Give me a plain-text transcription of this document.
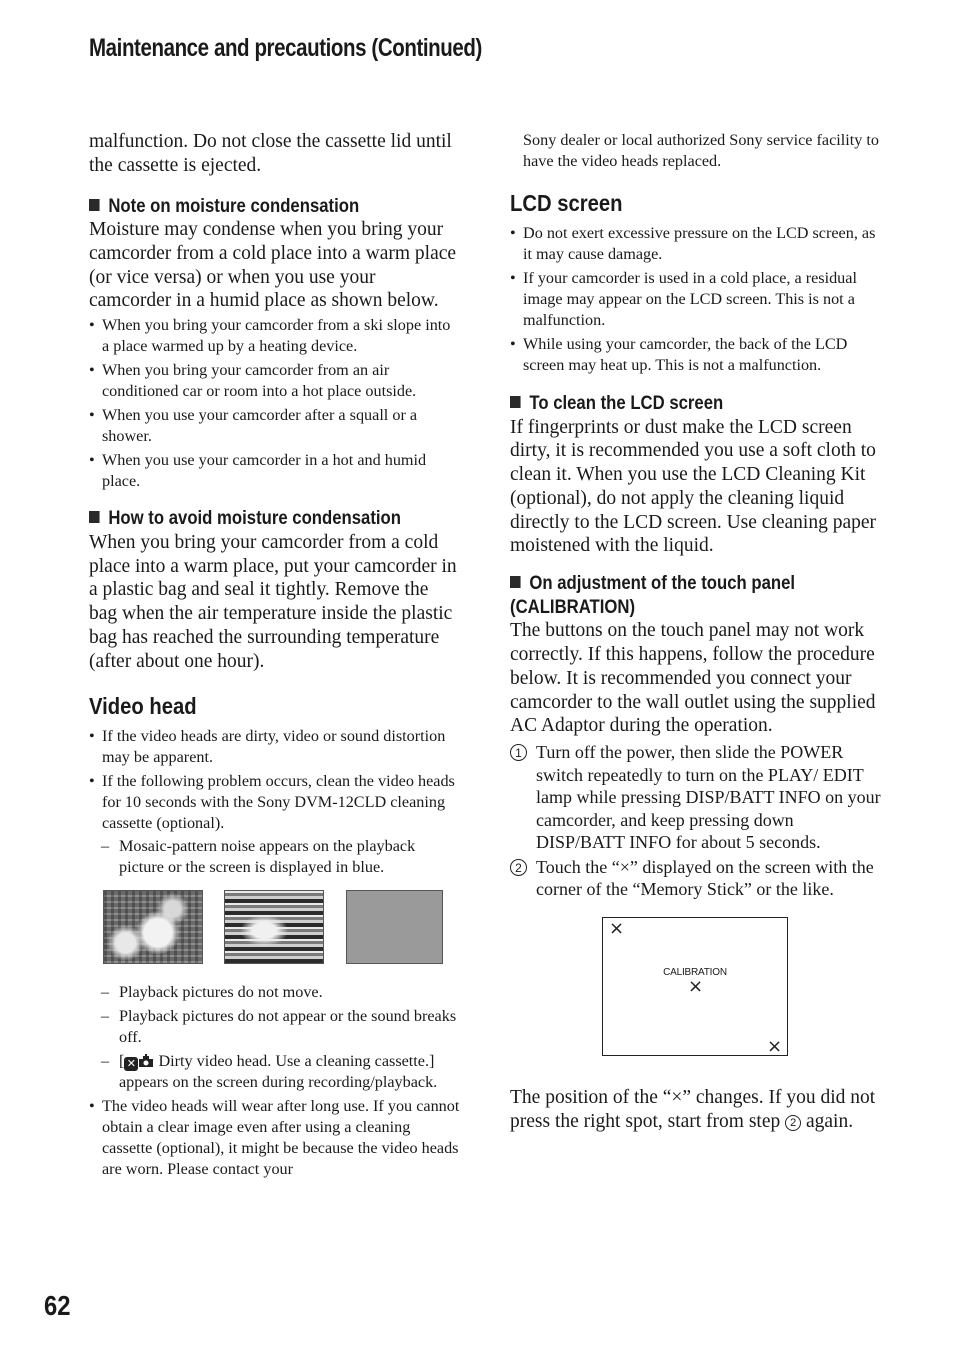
Maintenance and precautions (Continued)

malfunction. Do not close the cassette lid until the cassette is ejected.

Note on moisture condensation

Moisture may condense when you bring your camcorder from a cold place into a warm place (or vice versa) or when you use your camcorder in a humid place as shown below.

• When you bring your camcorder from a ski slope into a place warmed up by a heating device.
• When you bring your camcorder from an air conditioned car or room into a hot place outside.
• When you use your camcorder after a squall or a shower.
• When you use your camcorder in a hot and humid place.

How to avoid moisture condensation

When you bring your camcorder from a cold place into a warm place, put your camcorder in a plastic bag and seal it tightly. Remove the bag when the air temperature inside the plastic bag has reached the surrounding temperature (after about one hour).

Video head

• If the video heads are dirty, video or sound distortion may be apparent.
• If the following problem occurs, clean the video heads for 10 seconds with the Sony DVM-12CLD cleaning cassette (optional).
– Mosaic-pattern noise appears on the playback picture or the screen is displayed in blue.
– Playback pictures do not move.
– Playback pictures do not appear or the sound breaks off.
– [ ✕ Dirty video head. Use a cleaning cassette.] appears on the screen during recording/playback.
• The video heads will wear after long use. If you cannot obtain a clear image even after using a cleaning cassette (optional), it might be because the video heads are worn. Please contact your

Sony dealer or local authorized Sony service facility to have the video heads replaced.

LCD screen

• Do not exert excessive pressure on the LCD screen, as it may cause damage.
• If your camcorder is used in a cold place, a residual image may appear on the LCD screen. This is not a malfunction.
• While using your camcorder, the back of the LCD screen may heat up. This is not a malfunction.

To clean the LCD screen

If fingerprints or dust make the LCD screen dirty, it is recommended you use a soft cloth to clean it. When you use the LCD Cleaning Kit (optional), do not apply the cleaning liquid directly to the LCD screen. Use cleaning paper moistened with the liquid.

On adjustment of the touch panel

(CALIBRATION)

The buttons on the touch panel may not work correctly. If this happens, follow the procedure below. It is recommended you connect your camcorder to the wall outlet using the supplied AC Adaptor during the operation.

1 Turn off the power, then slide the POWER switch repeatedly to turn on the PLAY/ EDIT lamp while pressing DISP/BATT INFO on your camcorder, and keep pressing down DISP/BATT INFO for about 5 seconds.
2 Touch the “×” displayed on the screen with the corner of the “Memory Stick” or the like.
×
CALIBRATION
×
×

The position of the “×” changes. If you did not press the right spot, start from step 2 again.

62
